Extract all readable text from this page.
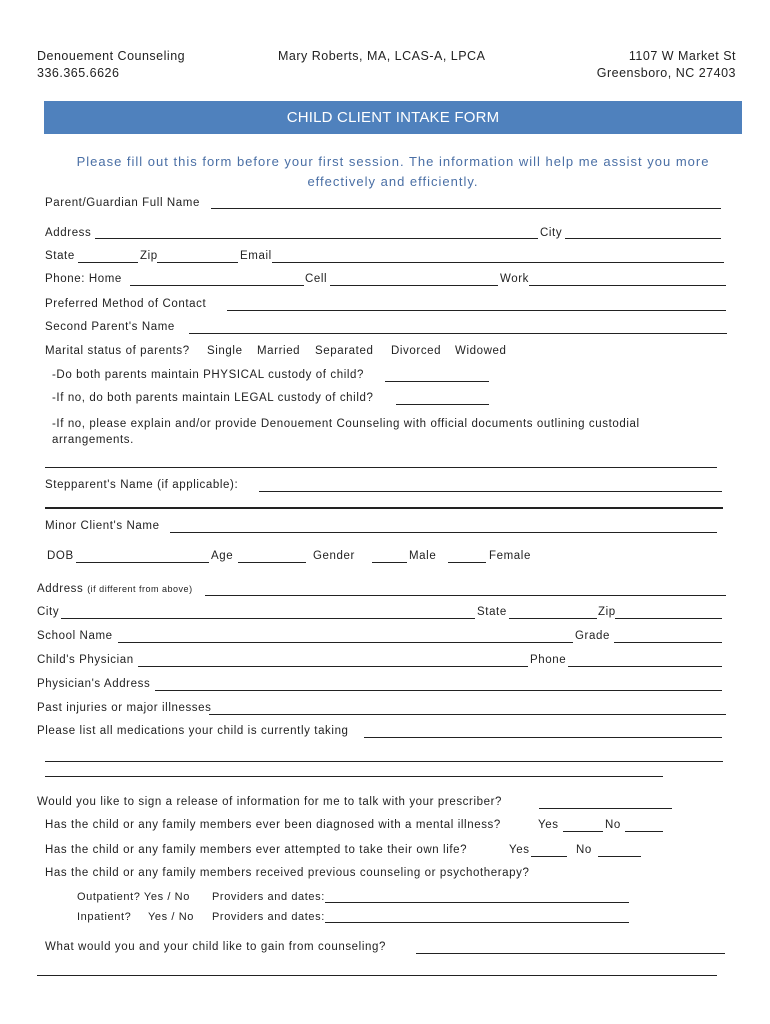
Denouement Counseling
336.365.6626
Mary Roberts, MA, LCAS-A, LPCA	1107 W Market St
Greensboro, NC 27403
CHILD CLIENT INTAKE FORM
Please fill out this form before your first session. The information will help me assist you more effectively and efficiently.
Parent/Guardian Full Name
Address	City
State	Zip	Email
Phone: Home	Cell	Work
Preferred Method of Contact
Second Parent's Name
Marital status of parents? Single Married Separated Divorced Widowed
-Do both parents maintain PHYSICAL custody of child?
-If no, do both parents maintain LEGAL custody of child?
-If no, please explain and/or provide Denouement Counseling with official documents outlining custodial arrangements.
Stepparent's Name (if applicable):
Minor Client's Name
DOB	Age	Gender	Male	Female
Address (if different from above)
City	State	Zip
School Name	Grade
Child's Physician	Phone
Physician's Address
Past injuries or major illnesses
Please list all medications your child is currently taking
Would you like to sign a release of information for me to talk with your prescriber?
Has the child or any family members ever been diagnosed with a mental illness?	Yes	No
Has the child or any family members ever attempted to take their own life?	Yes	No
Has the child or any family members received previous counseling or psychotherapy?
Outpatient? Yes / No Providers and dates:
Inpatient? Yes / No Providers and dates:
What would you and your child like to gain from counseling?
